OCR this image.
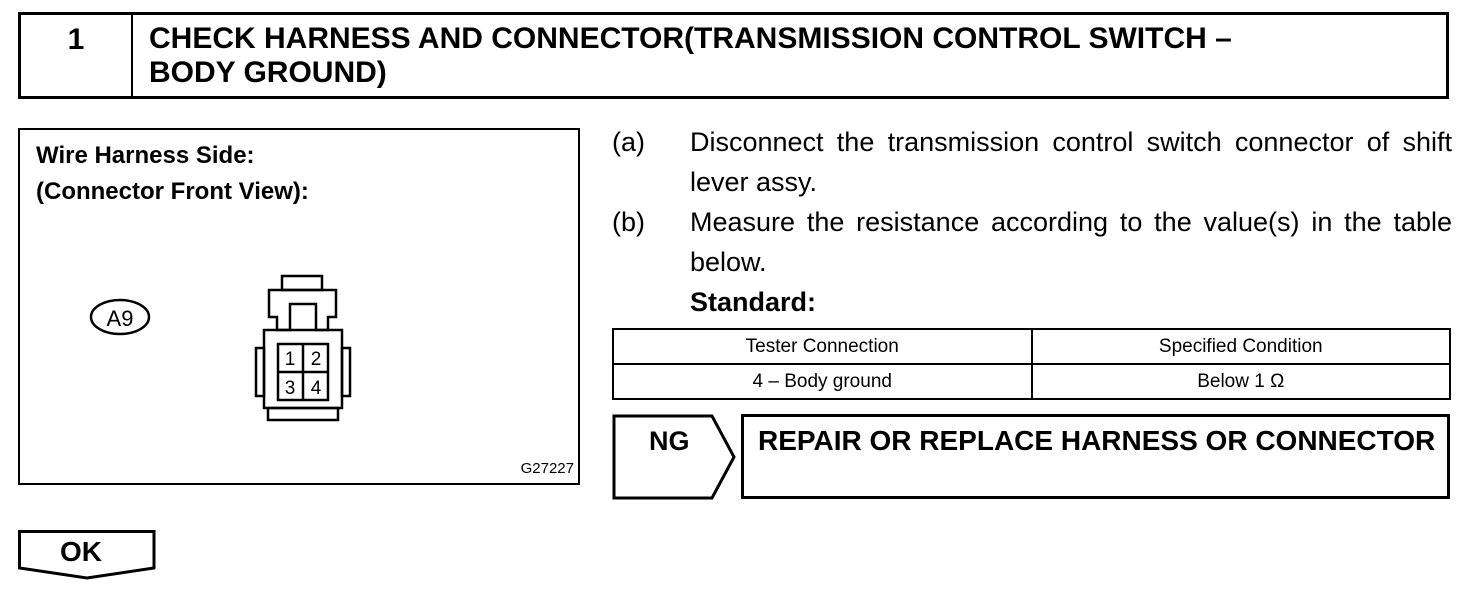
1	CHECK HARNESS AND CONNECTOR(TRANSMISSION CONTROL SWITCH –
BODY GROUND)
Wire Harness Side:
(Connector Front View):
A9
1 2
3 4
G27227
(a)	Disconnect the transmission control switch connector of shift lever assy.
(b)	Measure the resistance according to the value(s) in the table below.
Standard:
Tester Connection	Specified Condition
4 – Body ground	Below 1 Ω
NG REPAIR OR REPLACE HARNESS OR CONNECTOR
OK
